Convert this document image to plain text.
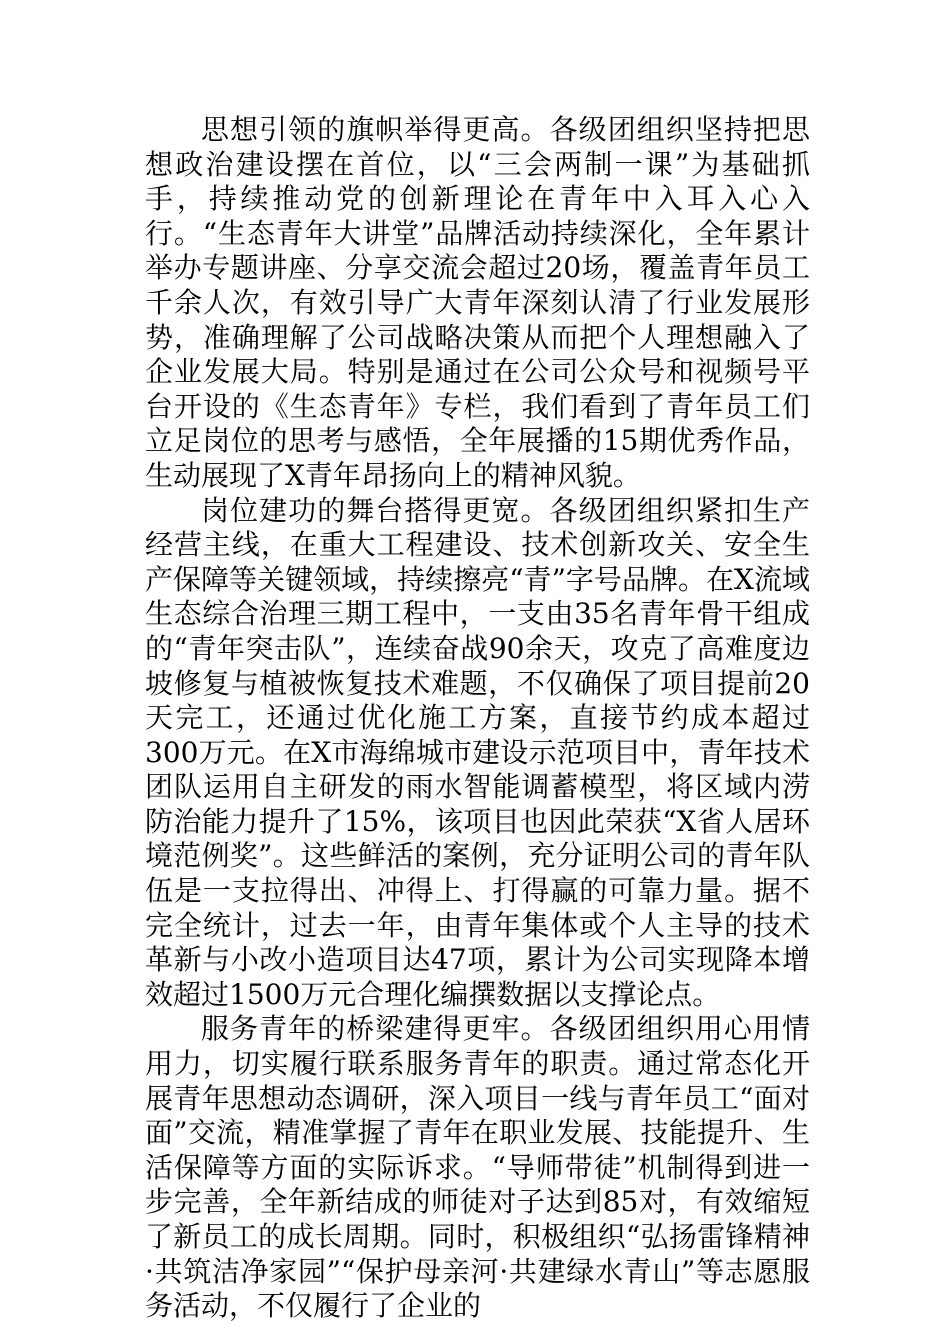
思想引领的旗帜举得更高。各级团组织坚持把思想政治建设摆在首位，以“三会两制一课”为基础抓手，持续推动党的创新理论在青年中入耳入心入行。“生态青年大讲堂”品牌活动持续深化，全年累计举办专题讲座、分享交流会超过20场，覆盖青年员工千余人次，有效引导广大青年深刻认清了行业发展形势，准确理解了公司战略决策从而把个人理想融入了企业发展大局。特别是通过在公司公众号和视频号平台开设的《生态青年》专栏，我们看到了青年员工们立足岗位的思考与感悟，全年展播的15期优秀作品，生动展现了X青年昂扬向上的精神风貌。

岗位建功的舞台搭得更宽。各级团组织紧扣生产经营主线，在重大工程建设、技术创新攻关、安全生产保障等关键领域，持续擦亮“青”字号品牌。在X流域生态综合治理三期工程中，一支由35名青年骨干组成的“青年突击队”，连续奋战90余天，攻克了高难度边坡修复与植被恢复技术难题，不仅确保了项目提前20天完工，还通过优化施工方案，直接节约成本超过300万元。在X市海绵城市建设示范项目中，青年技术团队运用自主研发的雨水智能调蓄模型，将区域内涝防治能力提升了15%，该项目也因此荣获“X省人居环境范例奖”。这些鲜活的案例，充分证明公司的青年队伍是一支拉得出、冲得上、打得赢的可靠力量。据不完全统计，过去一年，由青年集体或个人主导的技术革新与小改小造项目达47项，累计为公司实现降本增效超过1500万元合理化编撰数据以支撑论点。

服务青年的桥梁建得更牢。各级团组织用心用情用力，切实履行联系服务青年的职责。通过常态化开展青年思想动态调研，深入项目一线与青年员工“面对面”交流，精准掌握了青年在职业发展、技能提升、生活保障等方面的实际诉求。“导师带徒”机制得到进一步完善，全年新结成的师徒对子达到85对，有效缩短了新员工的成长周期。同时，积极组织“弘扬雷锋精神·共筑洁净家园”“保护母亲河·共建绿水青山”等志愿服务活动，不仅履行了企业的
